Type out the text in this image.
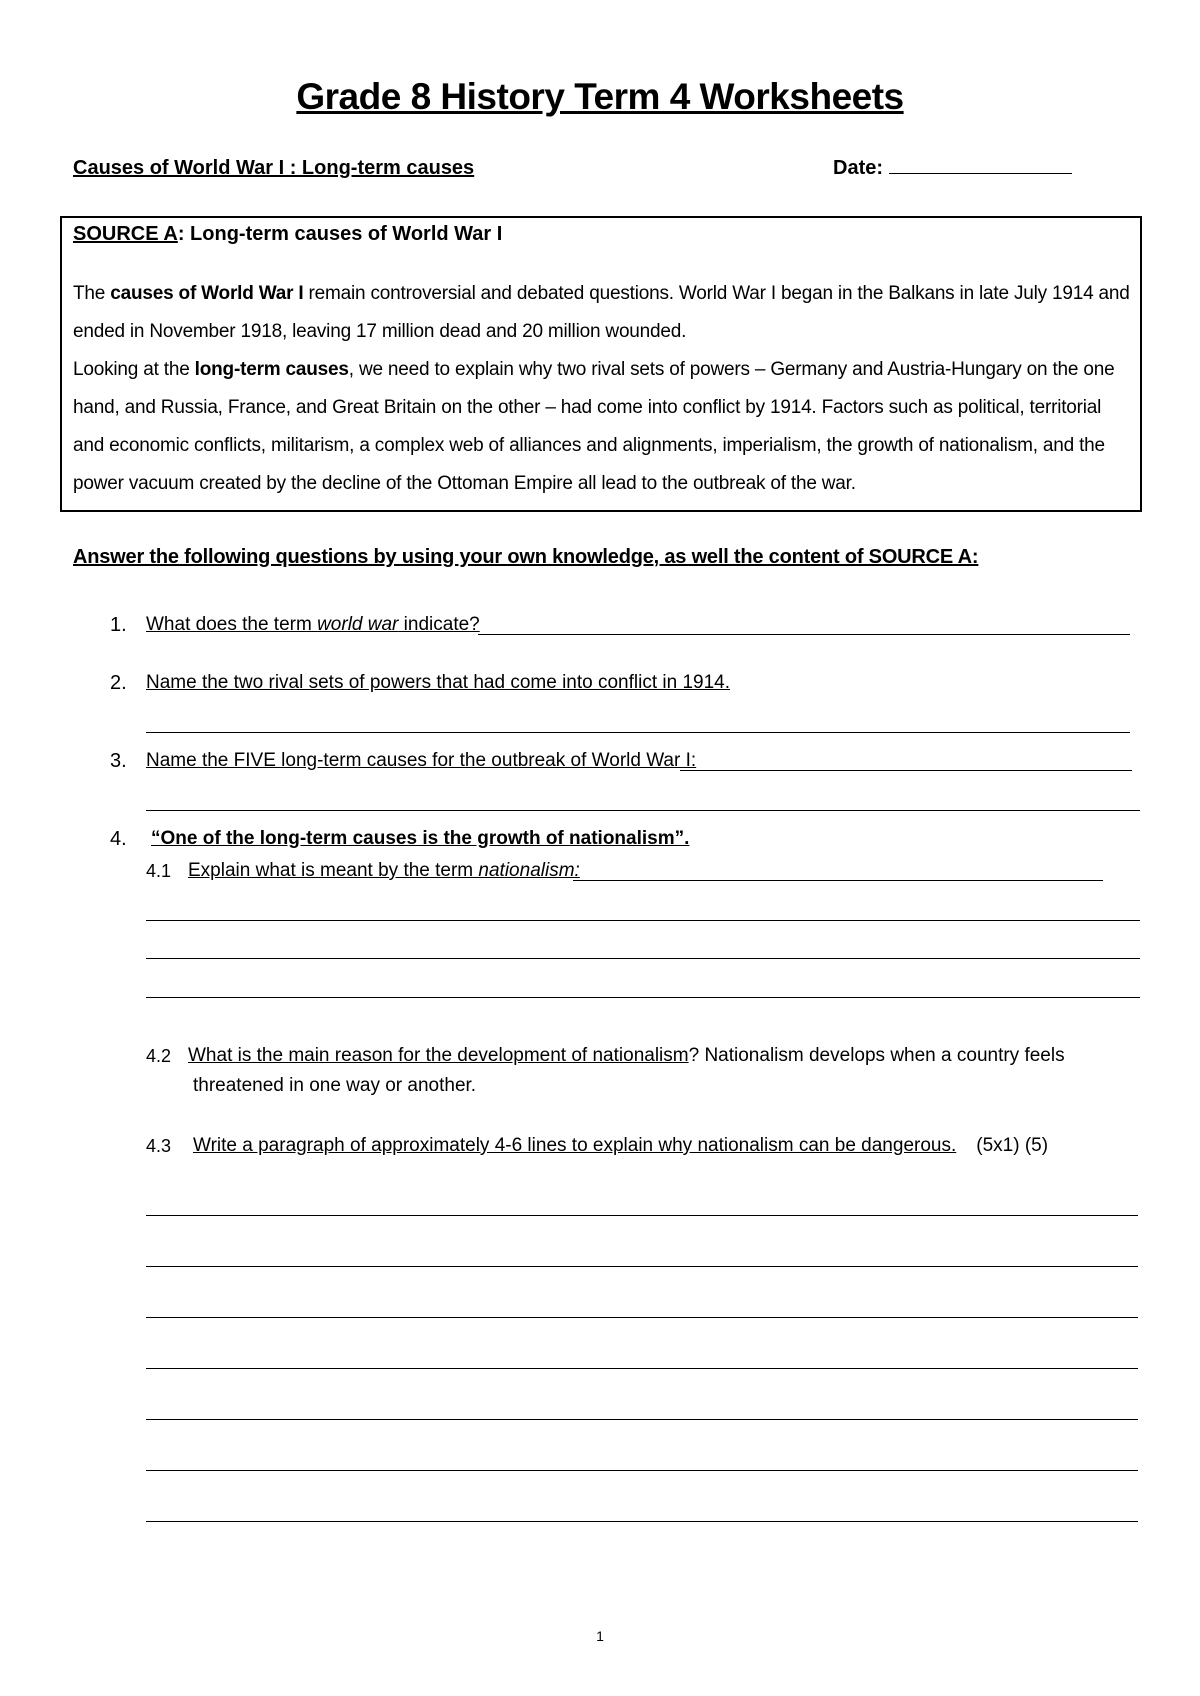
Grade 8 History Term 4 Worksheets
Causes of World War I : Long-term causes	Date:
SOURCE A: Long-term causes of World War I
The causes of World War I remain controversial and debated questions. World War I began in the Balkans in late July 1914 and ended in November 1918, leaving 17 million dead and 20 million wounded.
Looking at the long-term causes, we need to explain why two rival sets of powers – Germany and Austria-Hungary on the one hand, and Russia, France, and Great Britain on the other – had come into conflict by 1914. Factors such as political, territorial and economic conflicts, militarism, a complex web of alliances and alignments, imperialism, the growth of nationalism, and the power vacuum created by the decline of the Ottoman Empire all lead to the outbreak of the war.
Answer the following questions by using your own knowledge, as well the content of SOURCE A:
1. What does the term world war indicate?
2. Name the two rival sets of powers that had come into conflict in 1914.
3. Name the FIVE long-term causes for the outbreak of World War I:
4. “One of the long-term causes is the growth of nationalism”.
4.1 Explain what is meant by the term nationalism:
4.2 What is the main reason for the development of nationalism? Nationalism develops when a country feels
threatened in one way or another.
4.3 Write a paragraph of approximately 4-6 lines to explain why nationalism can be dangerous. (5x1) (5)
1
